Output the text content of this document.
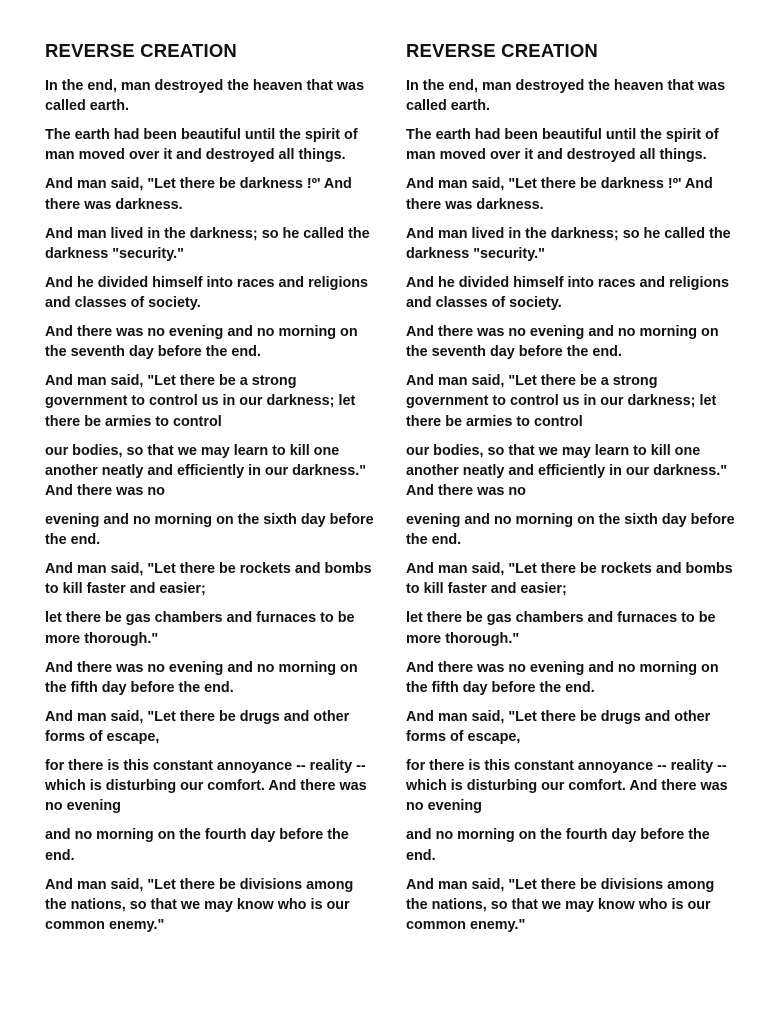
REVERSE CREATION

In the end, man destroyed the heaven that was called earth.

The earth had been beautiful until the spirit of man moved over it and destroyed all things.

And man said, "Let there be darkness !º' And there was darkness.

And man lived in the darkness; so he called the darkness "security."

And he divided himself into races and religions and classes of society.

And there was no evening and no morning on the seventh day before the end.

And man said, "Let there be a strong government to control us in our darkness; let there be armies to control

our bodies, so that we may learn to kill one another neatly and efficiently in our darkness." And there was no

evening and no morning on the sixth day before the end.

And man said, "Let there be rockets and bombs to kill faster and easier;

let there be gas chambers and furnaces to be more thorough."

And there was no evening and no morning on the fifth day before the end.

And man said, "Let there be drugs and other forms of escape,

for there is this constant annoyance -- reality -- which is disturbing our comfort. And there was no evening

and no morning on the fourth day before the end.

And man said, "Let there be divisions among the nations, so that we may know who is our common enemy."

REVERSE CREATION

In the end, man destroyed the heaven that was called earth.

The earth had been beautiful until the spirit of man moved over it and destroyed all things.

And man said, "Let there be darkness !º' And there was darkness.

And man lived in the darkness; so he called the darkness "security."

And he divided himself into races and religions and classes of society.

And there was no evening and no morning on the seventh day before the end.

And man said, "Let there be a strong government to control us in our darkness; let there be armies to control

our bodies, so that we may learn to kill one another neatly and efficiently in our darkness." And there was no

evening and no morning on the sixth day before the end.

And man said, "Let there be rockets and bombs to kill faster and easier;

let there be gas chambers and furnaces to be more thorough."

And there was no evening and no morning on the fifth day before the end.

And man said, "Let there be drugs and other forms of escape,

for there is this constant annoyance -- reality -- which is disturbing our comfort. And there was no evening

and no morning on the fourth day before the end.

And man said, "Let there be divisions among the nations, so that we may know who is our common enemy."
